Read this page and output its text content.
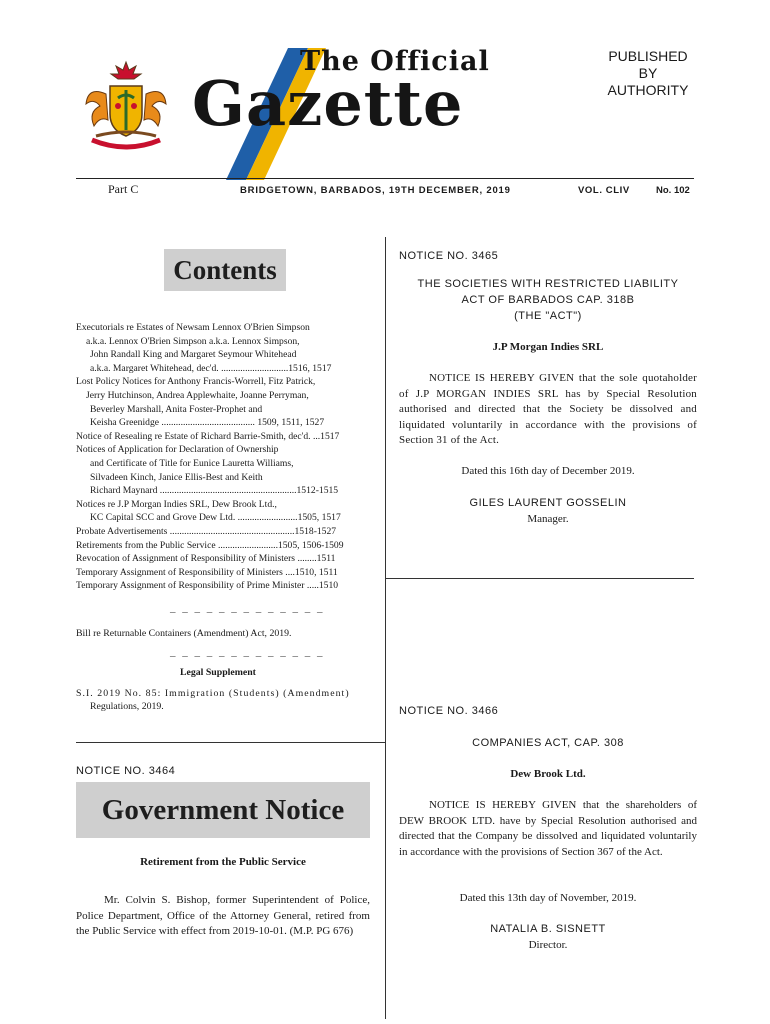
The Official
Gazette
PUBLISHED
BY
AUTHORITY
Part C	BRIDGETOWN, BARBADOS, 19TH DECEMBER, 2019	VOL. CLIV	No. 102
Contents
Executorials re Estates of Newsam Lennox O'Brien Simpson
a.k.a. Lennox O'Brien Simpson a.k.a. Lennox Simpson,
John Randall King and Margaret Seymour Whitehead
a.k.a. Margaret Whitehead, dec'd. ............................1516, 1517
Lost Policy Notices for Anthony Francis-Worrell, Fitz Patrick,
Jerry Hutchinson, Andrea Applewhaite, Joanne Perryman,
Beverley Marshall, Anita Foster-Prophet and
Keisha Greenidge ....................................... 1509, 1511, 1527
Notice of Resealing re Estate of Richard Barrie-Smith, dec'd. ...1517
Notices of Application for Declaration of Ownership
and Certificate of Title for Eunice Lauretta Williams,
Silvadeen Kinch, Janice Ellis-Best and Keith
Richard Maynard .........................................................1512-1515
Notices re J.P Morgan Indies SRL, Dew Brook Ltd.,
KC Capital SCC and Grove Dew Ltd. .........................1505, 1517
Probate Advertisements ....................................................1518-1527
Retirements from the Public Service .........................1505, 1506-1509
Revocation of Assignment of Responsibility of Ministers ........1511
Temporary Assignment of Responsibility of Ministers ....1510, 1511
Temporary Assignment of Responsibility of Prime Minister .....1510
– – – – – – – – – – – – –
Bill re Returnable Containers (Amendment) Act, 2019.
– – – – – – – – – – – – –
Legal Supplement
S.I. 2019 No. 85: Immigration (Students) (Amendment)
Regulations, 2019.
NOTICE NO. 3464
Government Notice
Retirement from the Public Service
Mr. Colvin S. Bishop, former Superintendent of Police, Police Department, Office of the Attorney General, retired from the Public Service with effect from 2019-10-01. (M.P. PG 676)
NOTICE NO. 3465
THE SOCIETIES WITH RESTRICTED LIABILITY
ACT OF BARBADOS CAP. 318B
(THE "ACT")
J.P Morgan Indies SRL
NOTICE IS HEREBY GIVEN that the sole quotaholder of J.P MORGAN INDIES SRL has by Special Resolution authorised and directed that the Society be dissolved and liquidated voluntarily in accordance with the provisions of Section 31 of the Act.
Dated this 16th day of December 2019.
GILES LAURENT GOSSELIN
Manager.
NOTICE NO. 3466
COMPANIES ACT, CAP. 308
Dew Brook Ltd.
NOTICE IS HEREBY GIVEN that the shareholders of DEW BROOK LTD. have by Special Resolution authorised and directed that the Company be dissolved and liquidated voluntarily in accordance with the provisions of Section 367 of the Act.
Dated this 13th day of November, 2019.
NATALIA B. SISNETT
Director.
